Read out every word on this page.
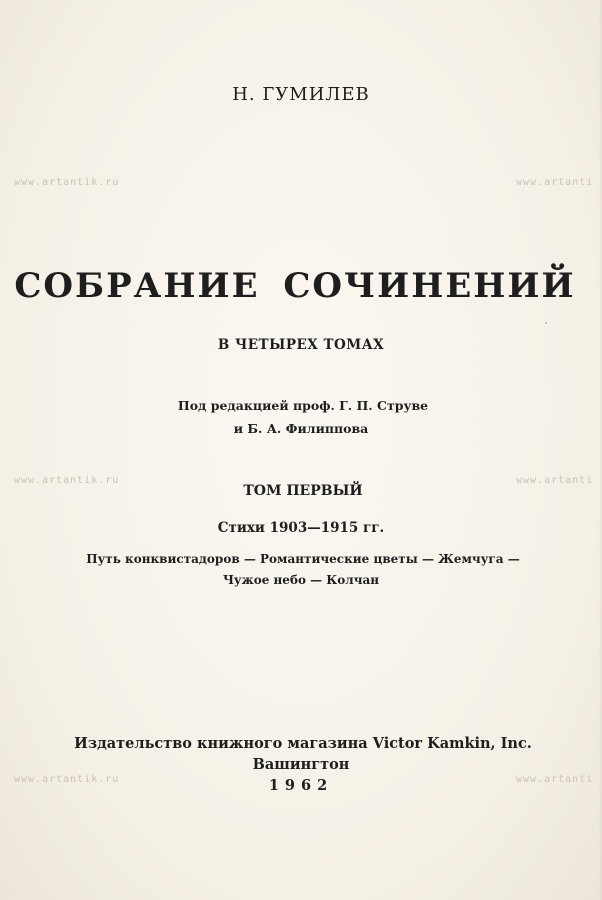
www.artantik.ru	www.artanti
www.artantik.ru	www.artanti
www.artantik.ru	www.artanti
Н. ГУМИЛЕВ
СОБРАНИЕ СОЧИНЕНИЙ
В ЧЕТЫРЕХ ТОМАХ
Под редакцией проф. Г. П. Струве
и Б. А. Филиппова
ТОМ ПЕРВЫЙ
Стихи 1903—1915 гг.
Путь конквистадоров — Романтические цветы — Жемчуга —
Чужое небо — Колчан
Издательство книжного магазина Victor Kamkin, Inc.
Вашингтон
1962
